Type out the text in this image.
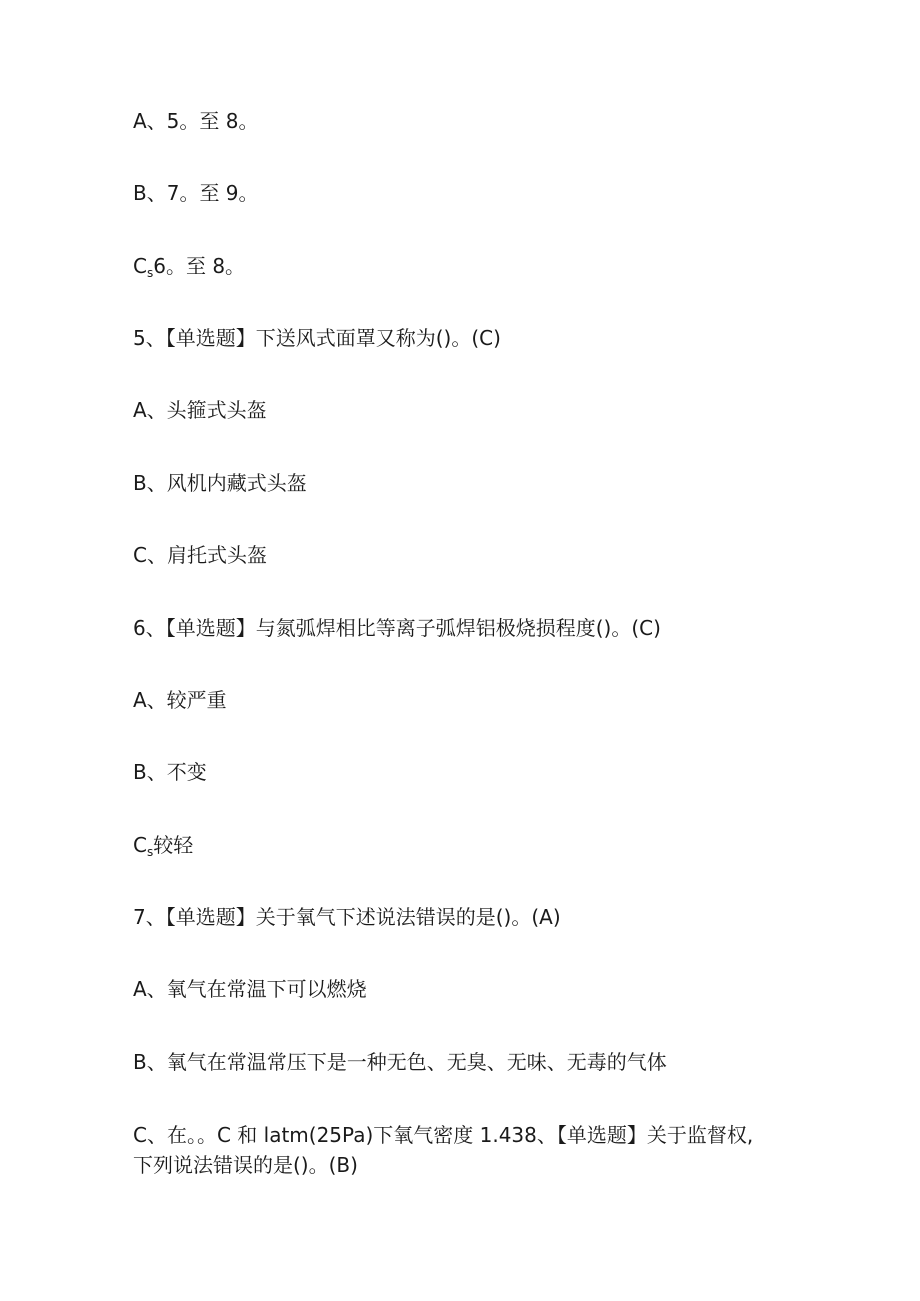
A、5。至 8。
B、7。至 9。
$C_s6$。至 8。
5、【单选题】下送风式面罩又称为()。(C)
A、头箍式头盔
B、风机内藏式头盔
C、肩托式头盔
6、【单选题】与氮弧焊相比等离子弧焊铝极烧损程度()。(C)
A、较严重
B、不变
$C_s$较轻
7、【单选题】关于氧气下述说法错误的是()。(A)
A、氧气在常温下可以燃烧
B、氧气在常温常压下是一种无色、无臭、无味、无毒的气体
C、在。。C 和 latm(25Pa)下氧气密度 1.438、【单选题】关于监督权,
下列说法错误的是()。(B)
